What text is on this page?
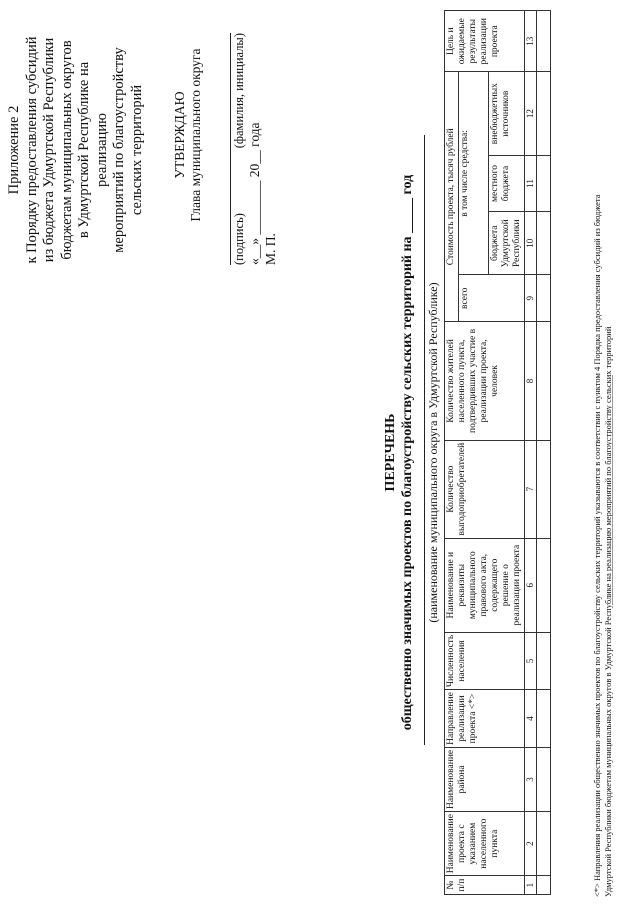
Приложение 2 к Порядку предоставления субсидий из бюджета Удмуртской Республики бюджетам муниципальных округов в Удмуртской Республике на реализацию мероприятий по благоустройству сельских территорий УТВЕРЖДАЮ Глава муниципального округа
(подпись)
(фамилия, инициалы)
«__» ________ 20__ года М. П.
ПЕРЕЧЕНЬ общественно значимых проектов по благоустройству сельских территорий на _____ год (наименование муниципального округа в Удмуртской Республике)
№ п/п	Наименование проекта с указанием населенного пункта	Наименование района	Направление реализации проекта <*>	Численность населения	Наименование и реквизиты муниципального правового акта, содержащего решение о реализации проекта	Количество выгодоприобретателей	Количество жителей населенного пункта, подтвердивших участие в реализации проекта, человек	Стоимость проекта, тысяч рублей				Цель и ожидаемые результаты реализации проекта
								всего	в том числе средства:			
									бюджета Удмуртской Республики	местного бюджета	внебюджетных источников	
1	2	3	4	5	6	7	8	9	10	11	12	13

<*> Направления реализации общественно значимых проектов по благоустройству сельских территорий указываются в соответствии с пунктом 4 Порядка предоставления субсидий из бюджета Удмуртской Республики бюджетам муниципальных округов в Удмуртской Республике на реализацию мероприятий по благоустройству сельских территорий
